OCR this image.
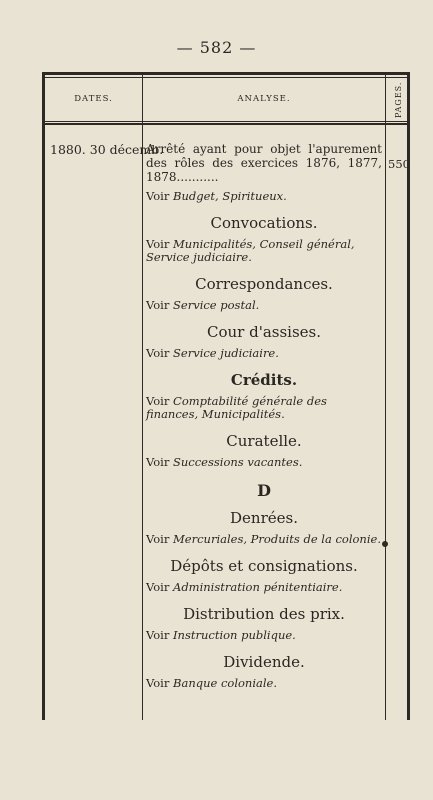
— 582 —
DATES.	ANALYSE.	PAGES.
1880. 30 décemb.
550
Arrêté ayant pour objet l'apurement des rôles des exercices 1876, 1877, 1878...........
Voir Budget, Spiritueux.
Convocations.
Voir Municipalités, Conseil général, Service judiciaire.
Correspondances.
Voir Service postal.
Cour d'assises.
Voir Service judiciaire.
Crédits.
Voir Comptabilité générale des finances, Municipalités.
Curatelle.
Voir Successions vacantes.
D
Denrées.
Voir Mercuriales, Produits de la colonie.
Dépôts et consignations.
Voir Administration pénitentiaire.
Distribution des prix.
Voir Instruction publique.
Dividende.
Voir Banque coloniale.
